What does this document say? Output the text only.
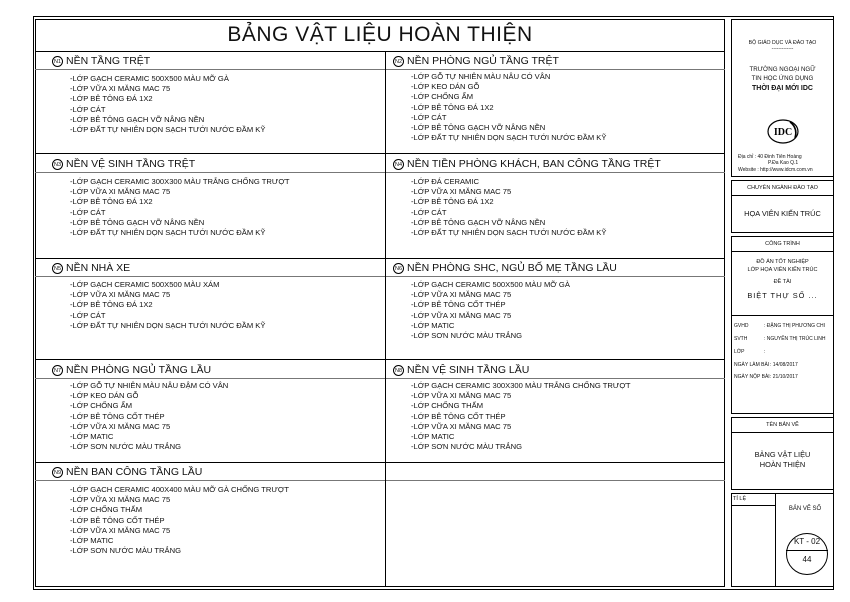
BẢNG VẬT LIỆU HOÀN THIỆN
N1 NỀN TẦNG TRỆT
-LỚP GẠCH CERAMIC 500X500 MÀU MỠ GÀ
-LỚP VỮA XI MĂNG MAC 75
-LỚP BÊ TÔNG ĐÁ 1X2
-LỚP CÁT
-LỚP BÊ TÔNG GẠCH VỠ NÂNG NỀN
-LỚP ĐẤT TỰ NHIÊN DỌN SẠCH TƯỚI NƯỚC ĐẦM KỸ
N2 NỀN PHÒNG NGỦ TẦNG TRỆT
-LỚP GỖ TỰ NHIÊN MÀU NÂU CÓ VÂN
-LỚP KEO DÁN GỖ
-LỚP CHỐNG ẨM
-LỚP BÊ TÔNG ĐÁ 1X2
-LỚP CÁT
-LỚP BÊ TÔNG GẠCH VỠ NÂNG NỀN
-LỚP ĐẤT TỰ NHIÊN DỌN SẠCH TƯỚI NƯỚC ĐẦM KỸ
N3 NỀN VỆ SINH TẦNG TRỆT
-LỚP GẠCH CERAMIC 300X300 MÀU TRẮNG CHỐNG TRƯỢT
-LỚP VỮA XI MĂNG MAC 75
-LỚP BÊ TÔNG ĐÁ 1X2
-LỚP CÁT
-LỚP BÊ TÔNG GẠCH VỠ NÂNG NỀN
-LỚP ĐẤT TỰ NHIÊN DỌN SẠCH TƯỚI NƯỚC ĐẦM KỸ
N4 NỀN TIỀN PHÒNG KHÁCH, BAN CÔNG TẦNG TRỆT
-LỚP ĐÁ CERAMIC
-LỚP VỮA XI MĂNG MAC 75
-LỚP BÊ TÔNG ĐÁ 1X2
-LỚP CÁT
-LỚP BÊ TÔNG GẠCH VỠ NÂNG NỀN
-LỚP ĐẤT TỰ NHIÊN DỌN SẠCH TƯỚI NƯỚC ĐẦM KỸ
N5 NỀN NHÀ XE
-LỚP GẠCH CERAMIC 500X500 MÀU XÁM
-LỚP VỮA XI MĂNG MAC 75
-LỚP BÊ TÔNG ĐÁ 1X2
-LỚP CÁT
-LỚP ĐẤT TỰ NHIÊN DỌN SẠCH TƯỚI NƯỚC ĐẦM KỸ
N6 NỀN PHÒNG SHC, NGỦ BỐ MẸ TẦNG LẦU
-LỚP GẠCH CERAMIC 500X500 MÀU MỠ GÀ
-LỚP VỮA XI MĂNG MAC 75
-LỚP BÊ TÔNG CỐT THÉP
-LỚP VỮA XI MĂNG MAC 75
-LỚP MATIC
-LỚP SƠN NƯỚC MÀU TRẮNG
N7 NỀN PHÒNG NGỦ TẦNG LẦU
-LỚP GỖ TỰ NHIÊN MÀU NÂU ĐẬM CÓ VÂN
-LỚP KEO DÁN GỖ
-LỚP CHỐNG ẨM
-LỚP BÊ TÔNG CỐT THÉP
-LỚP VỮA XI MĂNG MAC 75
-LỚP MATIC
-LỚP SƠN NƯỚC MÀU TRẮNG
N8 NỀN VỆ SINH TẦNG LẦU
-LỚP GẠCH CERAMIC 300X300 MÀU TRẮNG CHỐNG TRƯỢT
-LỚP VỮA XI MĂNG MAC 75
-LỚP CHỐNG THẤM
-LỚP BÊ TÔNG CỐT THÉP
-LỚP VỮA XI MĂNG MAC 75
-LỚP MATIC
-LỚP SƠN NƯỚC MÀU TRẮNG
N9 NỀN BAN CÔNG TẦNG LẦU
-LỚP GẠCH CERAMIC 400X400 MÀU MỠ GÀ CHỐNG TRƯỢT
-LỚP VỮA XI MĂNG MAC 75
-LỚP CHỐNG THẤM
-LỚP BÊ TÔNG CỐT THÉP
-LỚP VỮA XI MĂNG MAC 75
-LỚP MATIC
-LỚP SƠN NƯỚC MÀU TRẮNG
BỘ GIÁO DỤC VÀ ĐÀO TẠO
-------------
TRƯỜNG NGOẠI NGỮ
TIN HỌC ỨNG DỤNG
THỜI ĐẠI MỚI IDC
IDC
Địa chỉ : 40 Đinh Tiên Hoàng
P.Đa Kao Q.1
Website : http://www.idcm.com.vn
CHUYÊN NGÀNH ĐÀO TẠO
HỌA VIÊN KIẾN TRÚC
CÔNG TRÌNH
ĐỒ ÁN TỐT NGHIỆP
LỚP HỌA VIÊN KIẾN TRÚC
ĐỀ TÀI
BIỆT THỰ SỐ ...
GVHD	: ĐẶNG THỊ PHƯƠNG CHI
SVTH	: NGUYỄN THỊ TRÚC LINH
LỚP	:
NGÀY LÀM BÀI: 14/08/2017
NGÀY NỘP BÀI: 21/10/2017
TÊN BẢN VẼ
BẢNG VẬT LIỆU
HOÀN THIỆN
TỈ LỆ
BẢN VẼ SỐ
KT - 02
44
